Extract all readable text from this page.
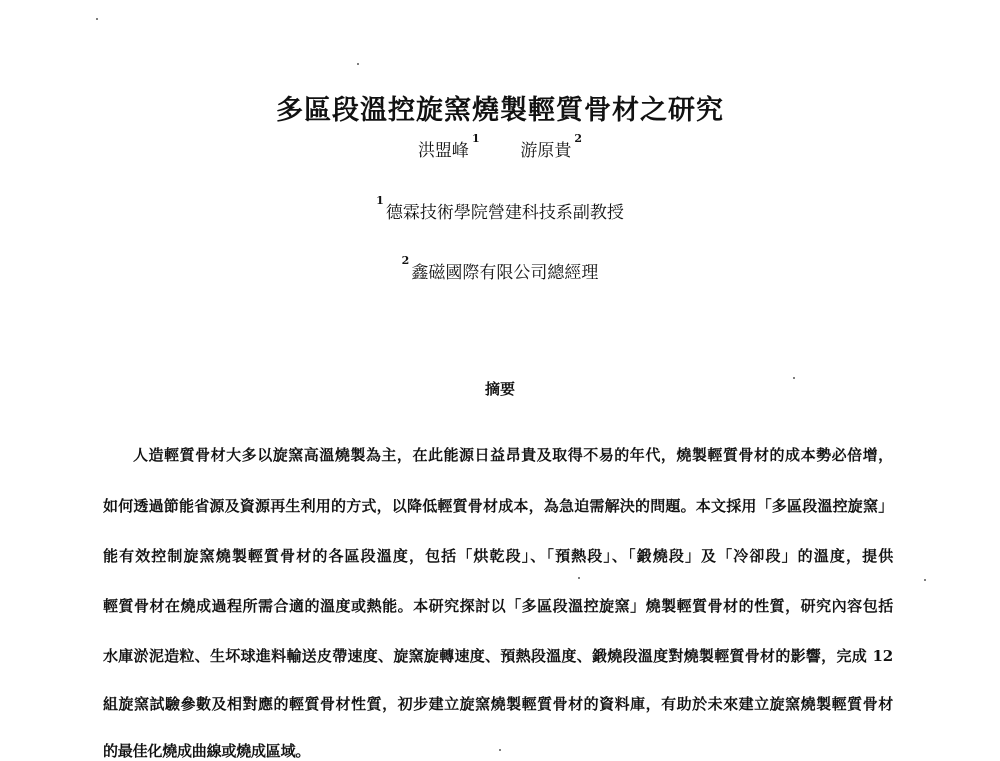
多區段溫控旋窯燒製輕質骨材之研究
洪盟峰$^1$  游原貴$^2$
$^1$德霖技術學院營建科技系副教授
$^2$鑫磁國際有限公司總經理
摘要
人造輕質骨材大多以旋窯高溫燒製為主，在此能源日益昂貴及取得不易的年代，燒製輕質骨材的成本勢必倍增，
如何透過節能省源及資源再生利用的方式，以降低輕質骨材成本，為急迫需解決的問題。本文採用「多區段溫控旋窯」
能有效控制旋窯燒製輕質骨材的各區段溫度，包括「烘乾段」、「預熱段」、「鍛燒段」及「冷卻段」的溫度，提供
輕質骨材在燒成過程所需合適的溫度或熱能。本研究探討以「多區段溫控旋窯」燒製輕質骨材的性質，研究內容包括
水庫淤泥造粒、生坏球進料輸送皮帶速度、旋窯旋轉速度、預熱段溫度、鍛燒段溫度對燒製輕質骨材的影響，完成 12
組旋窯試驗參數及相對應的輕質骨材性質，初步建立旋窯燒製輕質骨材的資料庫，有助於未來建立旋窯燒製輕質骨材
的最佳化燒成曲線或燒成區域。
